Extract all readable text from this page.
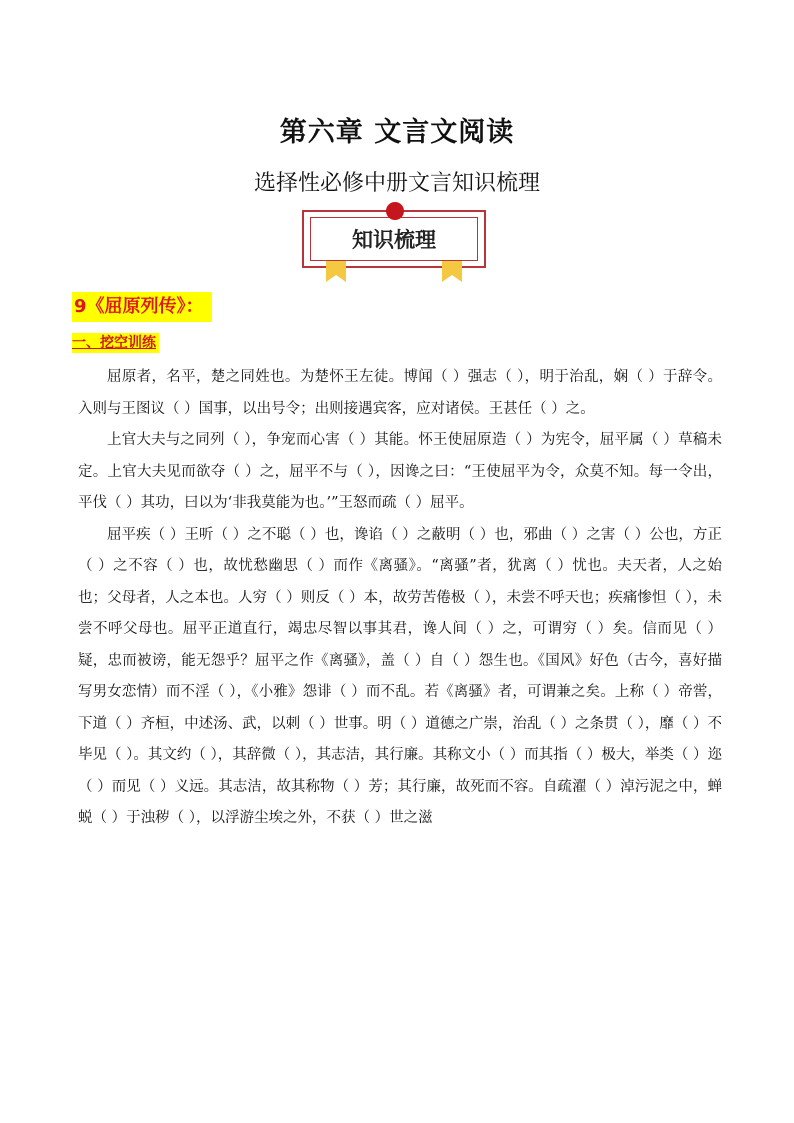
第六章 文言文阅读
选择性必修中册文言知识梳理
知识梳理
9《屈原列传》：
一、挖空训练

屈原者，名平，楚之同姓也。为楚怀王左徒。博闻（ ）强志（ ），明于治乱，娴（ ）于辞令。入则与王图议（ ）国事，以出号令；出则接遇宾客，应对诸侯。王甚任（ ）之。

上官大夫与之同列（ ），争宠而心害（ ）其能。怀王使屈原造（ ）为宪令，屈平属（ ）草稿未定。上官大夫见而欲夺（ ）之，屈平不与（ ），因谗之曰：“王使屈平为令，众莫不知。每一令出，平伐（ ）其功，曰以为‘非我莫能为也。’”王怒而疏（ ）屈平。

屈平疾（ ）王听（ ）之不聪（ ）也，谗谄（ ）之蔽明（ ）也，邪曲（ ）之害（ ）公也，方正（ ）之不容（ ）也，故忧愁幽思（ ）而作《离骚》。“离骚”者，犹离（ ）忧也。夫天者，人之始也；父母者，人之本也。人穷（ ）则反（ ）本，故劳苦倦极（ ），未尝不呼天也；疾痛惨怛（ ），未尝不呼父母也。屈平正道直行，竭忠尽智以事其君，谗人间（ ）之，可谓穷（ ）矣。信而见（ ）疑，忠而被谤，能无怨乎？屈平之作《离骚》，盖（ ）自（ ）怨生也。《国风》好色（古今，喜好描写男女恋情）而不淫（ ），《小雅》怨诽（ ）而不乱。若《离骚》者，可谓兼之矣。上称（ ）帝喾，下道（ ）齐桓，中述汤、武，以刺（ ）世事。明（ ）道德之广崇，治乱（ ）之条贯（ ），靡（ ）不毕见（ ）。其文约（ ），其辞微（ ），其志洁，其行廉。其称文小（ ）而其指（ ）极大，举类（ ）迩（ ）而见（ ）义远。其志洁，故其称物（ ）芳；其行廉，故死而不容。自疏濯（ ）淖污泥之中，蝉蜕（ ）于浊秽（ ），以浮游尘埃之外，不获（ ）世之滋
